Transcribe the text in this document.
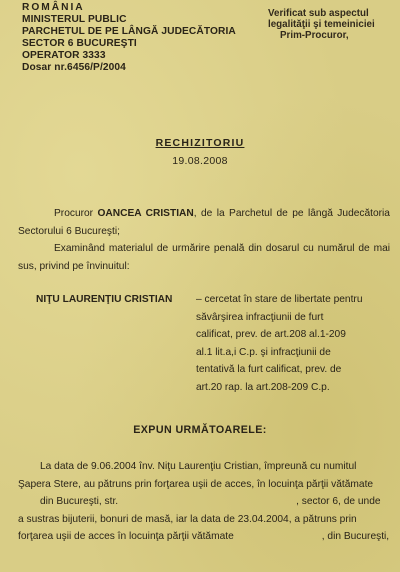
ROMÂNIA
MINISTERUL PUBLIC
PARCHETUL DE PE LÂNGĂ JUDECĂTORIA
SECTOR 6 BUCUREŞTI
OPERATOR 3333
Dosar nr.6456/P/2004
Verificat sub aspectul
legalităţii şi temeiniciei
Prim-Procuror,
RECHIZITORIU
19.08.2008

Procuror OANCEA CRISTIAN, de la Parchetul de pe lângă Judecătoria Sectorului 6 Bucureşti;

Examinând materialul de urmărire penală din dosarul cu numărul de mai sus, privind pe învinuitul:

NIŢU LAURENŢIU CRISTIAN – cercetat în stare de libertate pentru
săvârşirea infracţiunii de furt
calificat, prev. de art.208 al.1-209
al.1 lit.a,i C.p. şi infracţiunii de
tentativă la furt calificat, prev. de
art.20 rap. la art.208-209 C.p.
EXPUN URMĂTOARELE:
La data de 9.06.2004 înv. Niţu Laurenţiu Cristian, împreună cu numitul
Şapera Stere, au pătruns prin forţarea uşii de acces, în locuinţa părţii vătămate
din Bucureşti, str.	, sector 6, de unde
a sustras bijuterii, bonuri de masă, iar la data de 23.04.2004, a pătruns prin
forţarea uşii de acces în locuinţa părţii vătămate	, din Bucureşti,
